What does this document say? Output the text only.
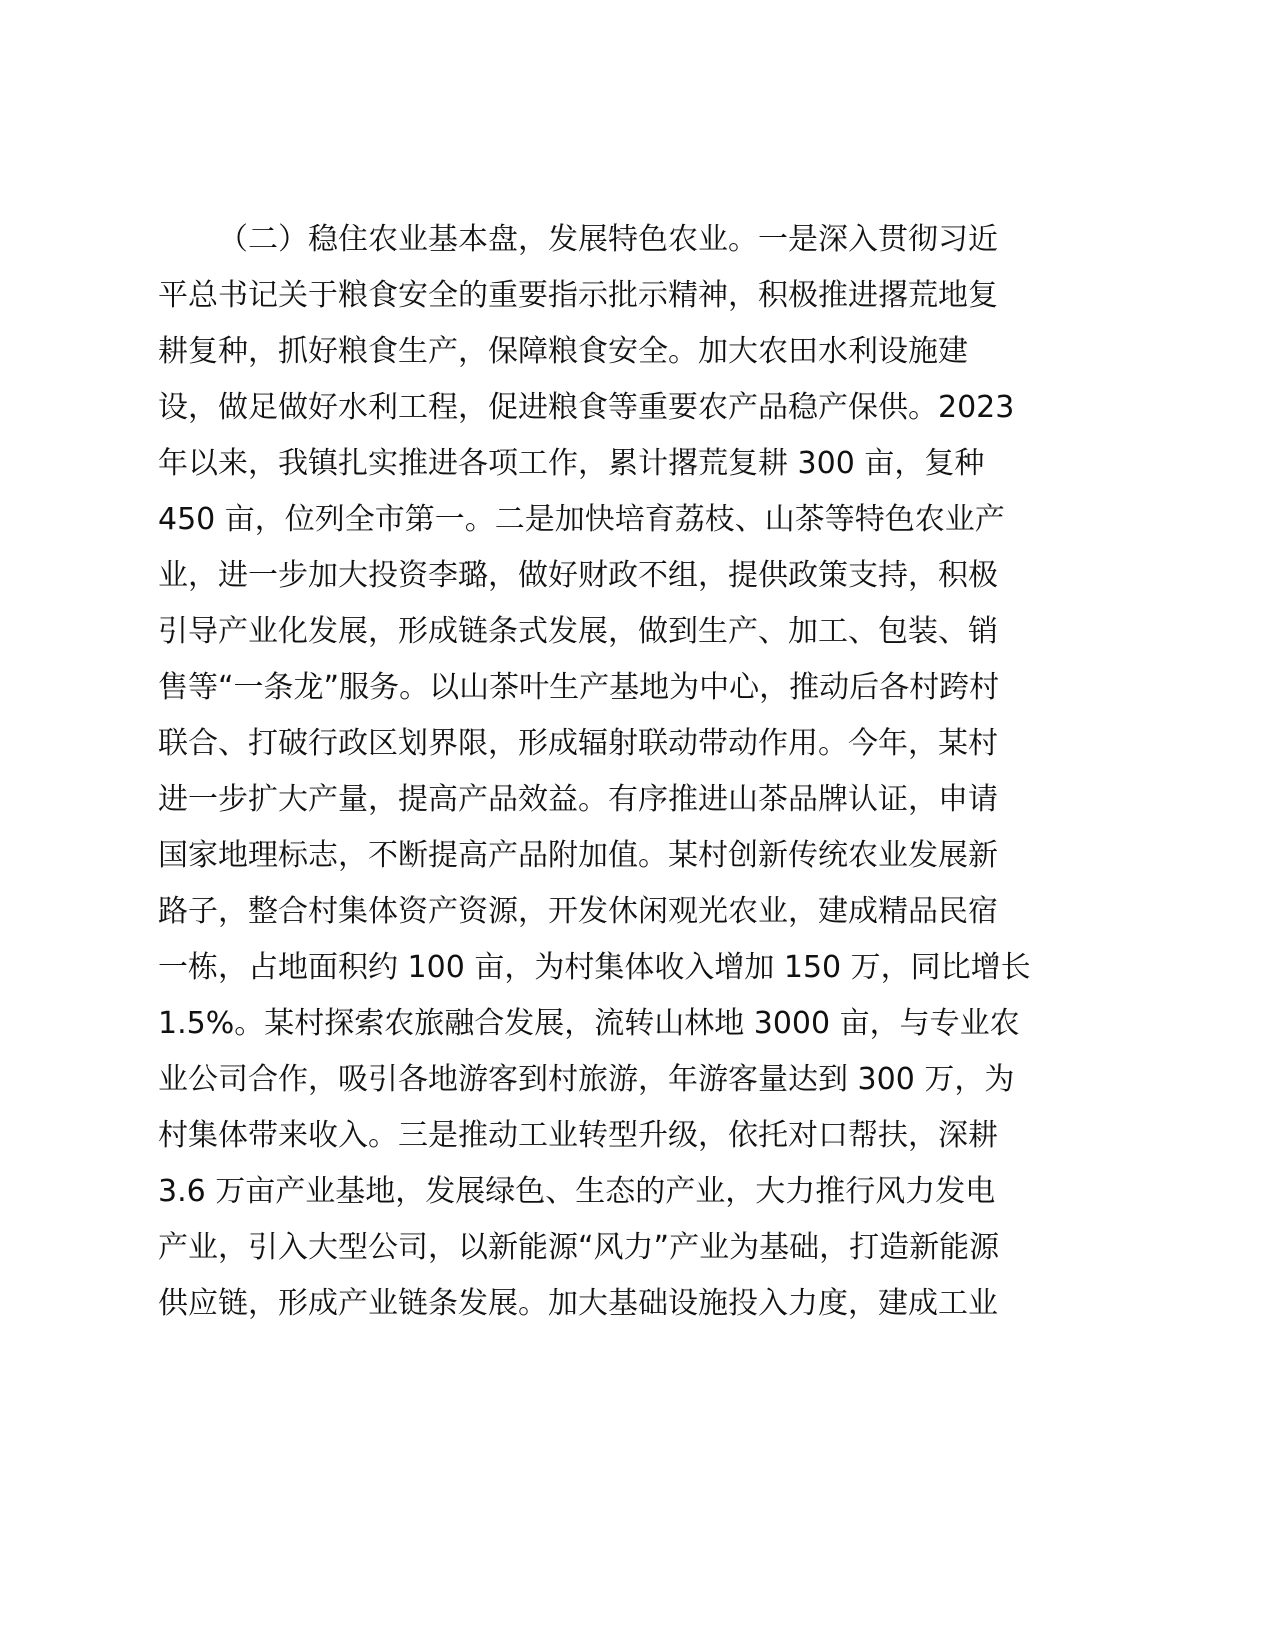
（二）稳住农业基本盘，发展特色农业。一是深入贯彻习近
平总书记关于粮食安全的重要指示批示精神，积极推进撂荒地复
耕复种，抓好粮食生产，保障粮食安全。加大农田水利设施建
设，做足做好水利工程，促进粮食等重要农产品稳产保供。2023
年以来，我镇扎实推进各项工作，累计撂荒复耕 300 亩，复种
450 亩，位列全市第一。二是加快培育荔枝、山茶等特色农业产
业，进一步加大投资李璐，做好财政不组，提供政策支持，积极
引导产业化发展，形成链条式发展，做到生产、加工、包装、销
售等“一条龙”服务。以山茶叶生产基地为中心，推动后各村跨村
联合、打破行政区划界限，形成辐射联动带动作用。今年，某村
进一步扩大产量，提高产品效益。有序推进山茶品牌认证，申请
国家地理标志，不断提高产品附加值。某村创新传统农业发展新
路子，整合村集体资产资源，开发休闲观光农业，建成精品民宿
一栋，占地面积约 100 亩，为村集体收入增加 150 万，同比增长
1.5%。某村探索农旅融合发展，流转山林地 3000 亩，与专业农
业公司合作，吸引各地游客到村旅游，年游客量达到 300 万，为
村集体带来收入。三是推动工业转型升级，依托对口帮扶，深耕
3.6 万亩产业基地，发展绿色、生态的产业，大力推行风力发电
产业，引入大型公司，以新能源“风力”产业为基础，打造新能源
供应链，形成产业链条发展。加大基础设施投入力度，建成工业
